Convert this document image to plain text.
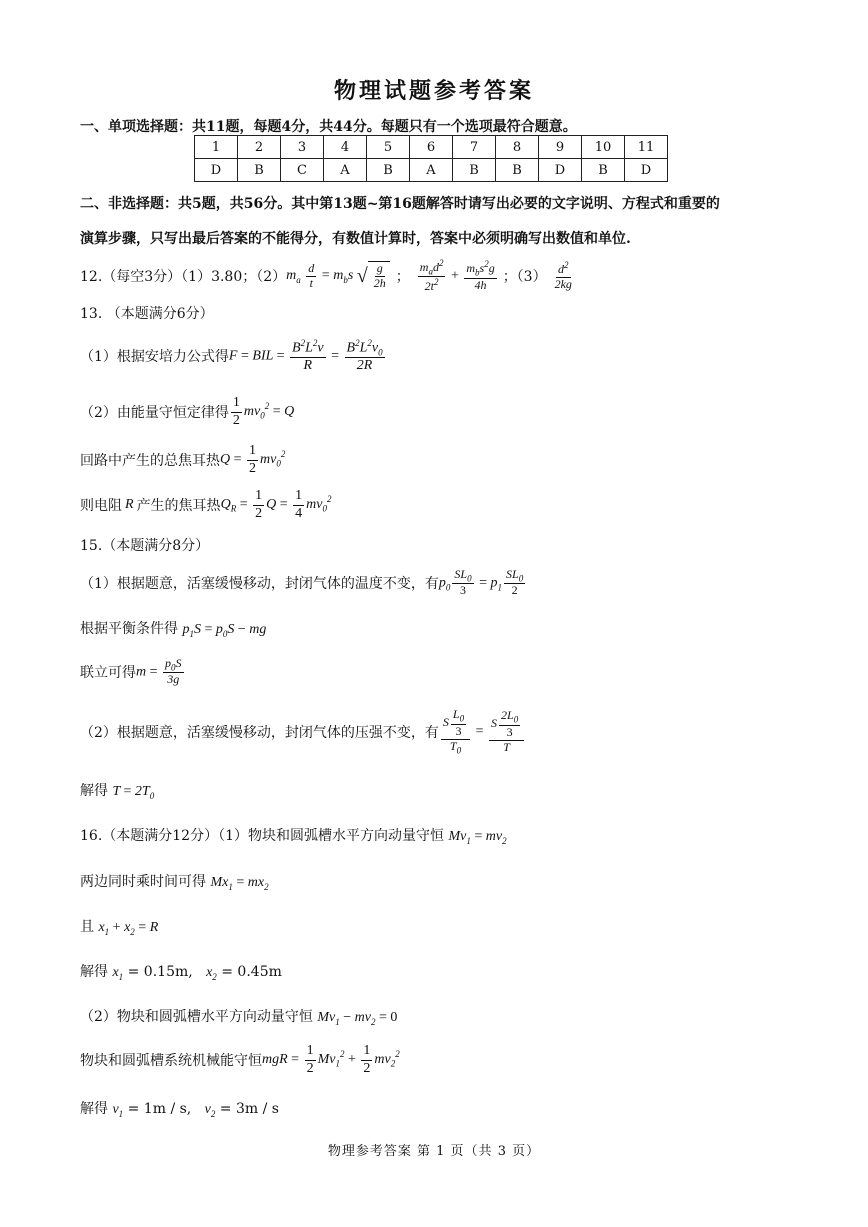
物理试题参考答案
一、单项选择题：共11题，每题4分，共44分。每题只有一个选项最符合题意。
1	2	3	4	5	6	7	8	9	10	11
D	B	C	A	B	A	B	B	D	B	D
二、非选择题：共5题，共56分。其中第13题~第16题解答时请写出必要的文字说明、方程式和重要的
演算步骤，只写出最后答案的不能得分，有数值计算时，答案中必须明确写出数值和单位.
12.（每空3分）（1）3.80；（2） $m_a \frac{d}{t} = m_bs$ √ $\frac{g}{2h}$ ； $\frac{m_ad^2}{2t^2} + \frac{m_bs^2g}{4h}$ ；$(3) \frac{d^2}{2kg}$
13. （本题满分6分）
（1）根据安培力公式得 F = BIL = $\frac{B^2L^2v}{R} = \frac{B^2L^2v_0}{2R}$
（2）由能量守恒定律得 $\frac{1}{2} mv_0^2 = Q$
回路中产生的总焦耳热 $Q = \frac{1}{2} mv_0^2$
则电阻 R 产生的焦耳热 $Q_R = \frac{1}{2}$ $Q = \frac{1}{4} mv_0^2$
15.（本题满分8分）
（1）根据题意，活塞缓慢移动，封闭气体的温度不变，有 $p_0 \frac{SL_0}{3} = p_1 \frac{SL_0}{2}$
根据平衡条件得 $p_1S = p_0S$ − mg
联立可得 $m = \frac{p_0S}{3g}$
（2）根据题意，活塞缓慢移动，封闭气体的压强不变，有 $\frac{S \frac{L_0}{3}}{T_0} = \frac{S \frac{2L_0}{3}}{T}$
解得 $T = 2T_0$
16.（本题满分12分）（1）物块和圆弧槽水平方向动量守恒 $Mv_1 = mv_2$
两边同时乘时间可得 $Mx_1 = mx_2$
且 $x_1 + x_2 = R$
解得 $x_1 = 0.15m$,   $x_2 = 0.45m$
（2）物块和圆弧槽水平方向动量守恒 $Mv_1 - mv_2 = 0$
物块和圆弧槽系统机械能守恒 mgR = $\frac{1}{2} Mv_1^2 + \frac{1}{2} mv_2^2$
解得 $v_1 = 1m / s$,   $v_2 = 3m / s$
物理参考答案 第 1 页（共 3 页）
